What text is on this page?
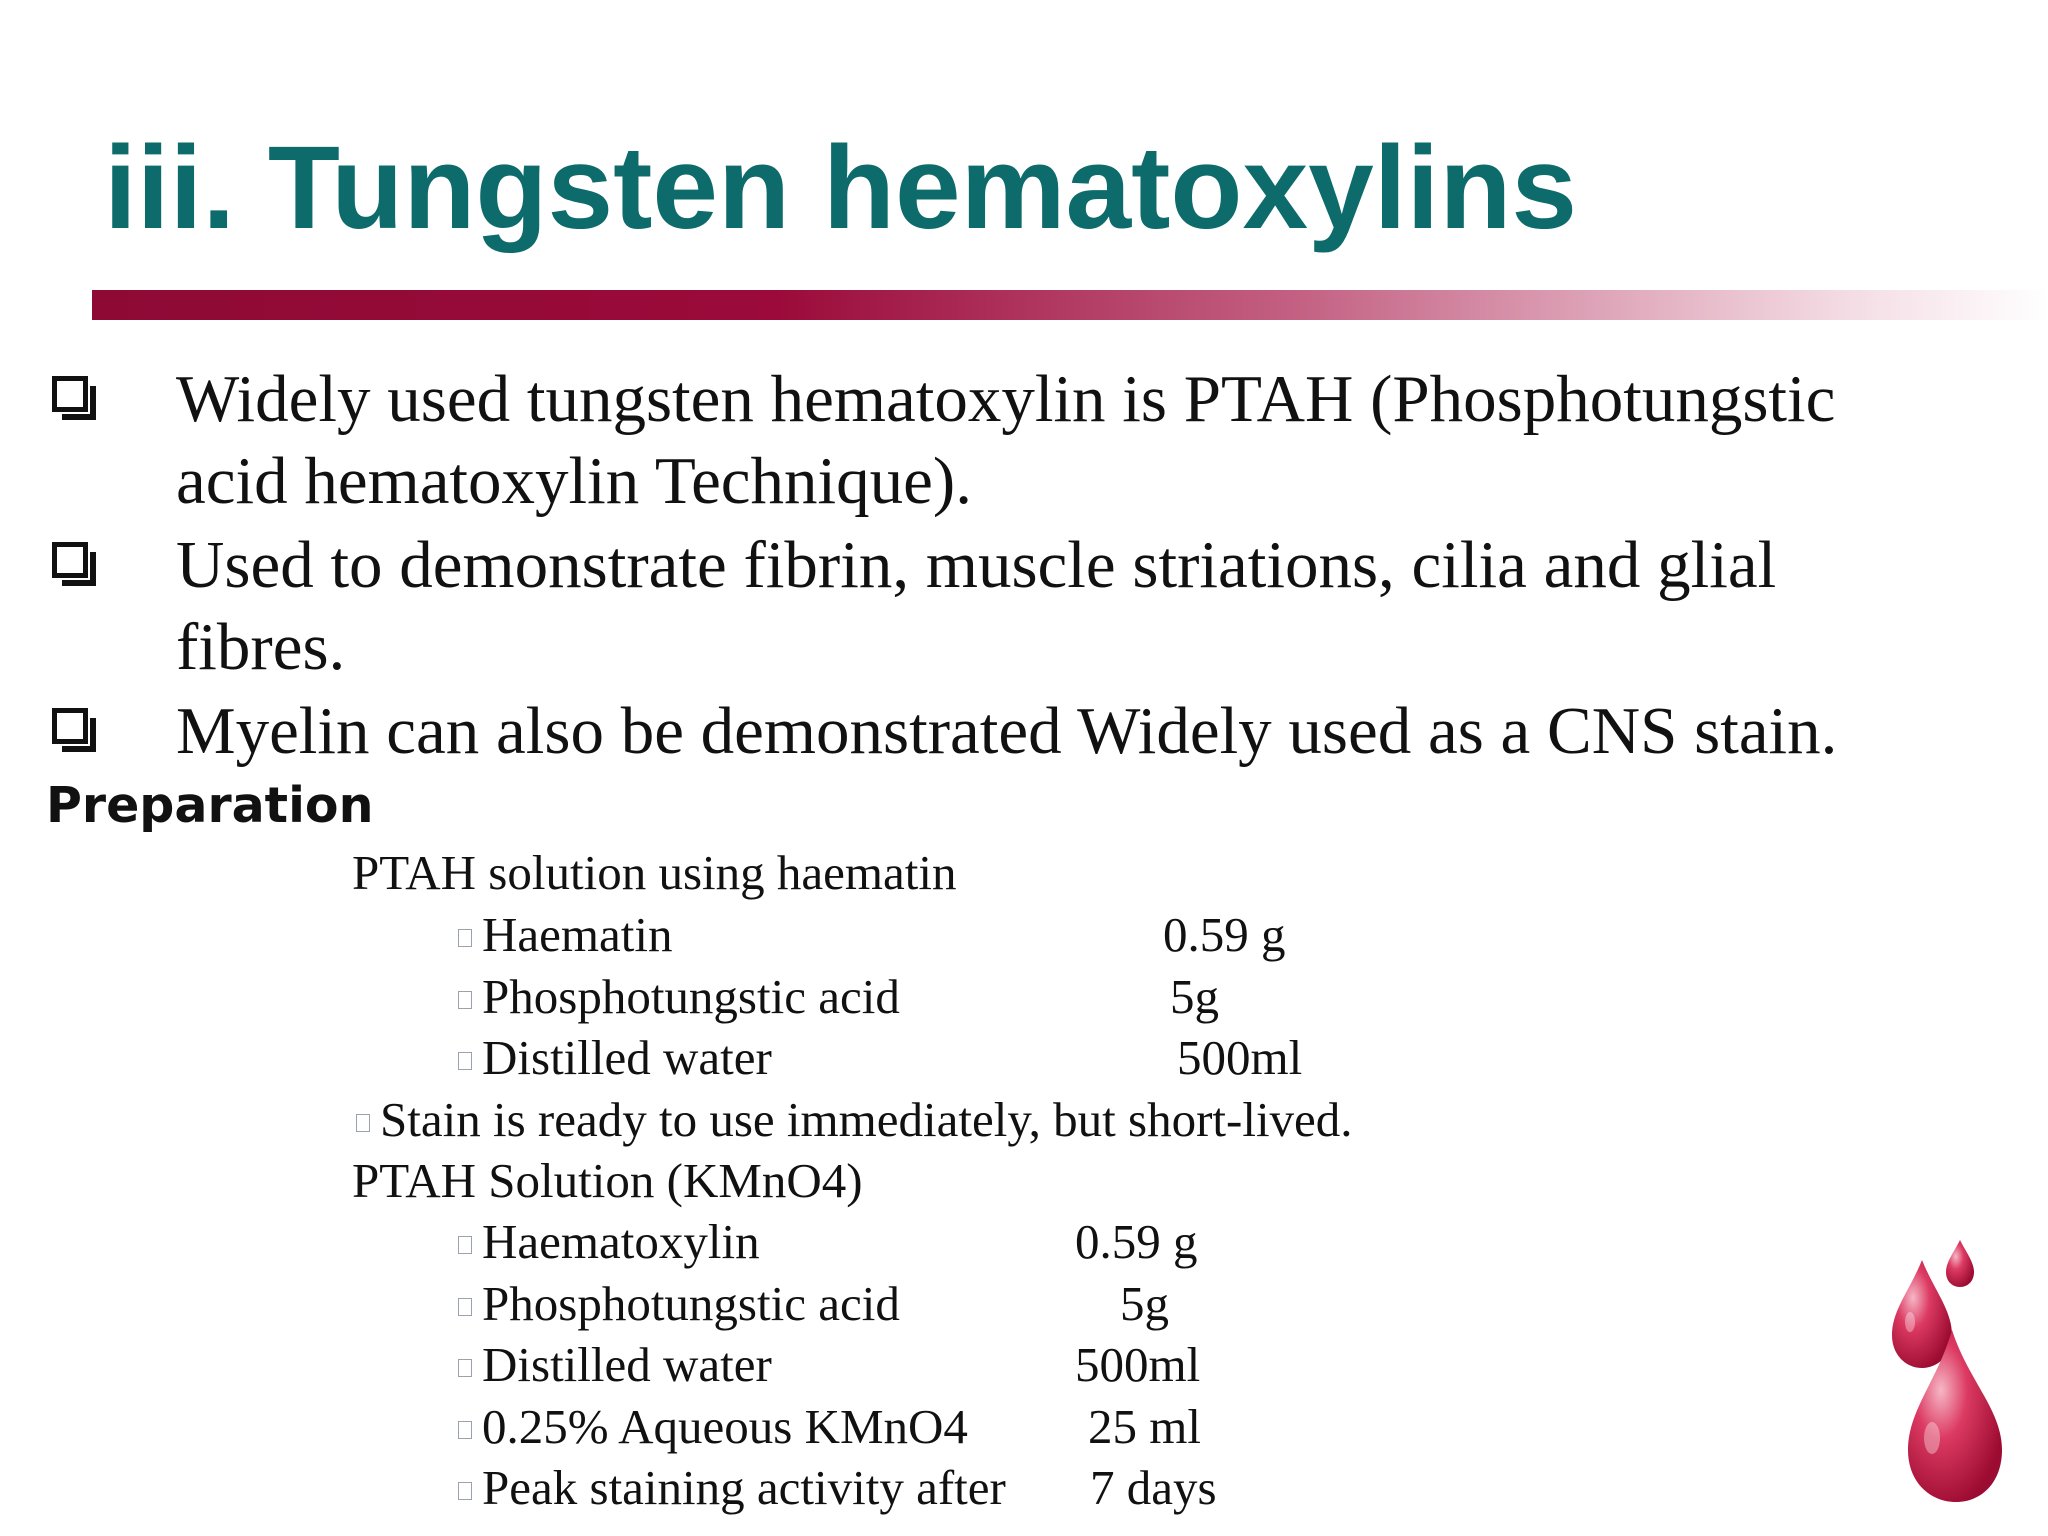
iii. Tungsten hematoxylins

Widely used tungsten hematoxylin is PTAH (Phosphotungstic
acid hematoxylin Technique).

Used to demonstrate fibrin, muscle striations, cilia and glial
fibres.

Myelin can also be demonstrated Widely used as a CNS stain.

Preparation
PTAH solution using haematin
Haematin	0.59 g
Phosphotungstic acid	5g
Distilled water	500ml
Stain is ready to use immediately, but short-lived.
PTAH Solution (KMnO4)
Haematoxylin	0.59 g
Phosphotungstic acid	5g
Distilled water	500ml
0.25% Aqueous KMnO4 25 ml
Peak staining activity after 7 days
